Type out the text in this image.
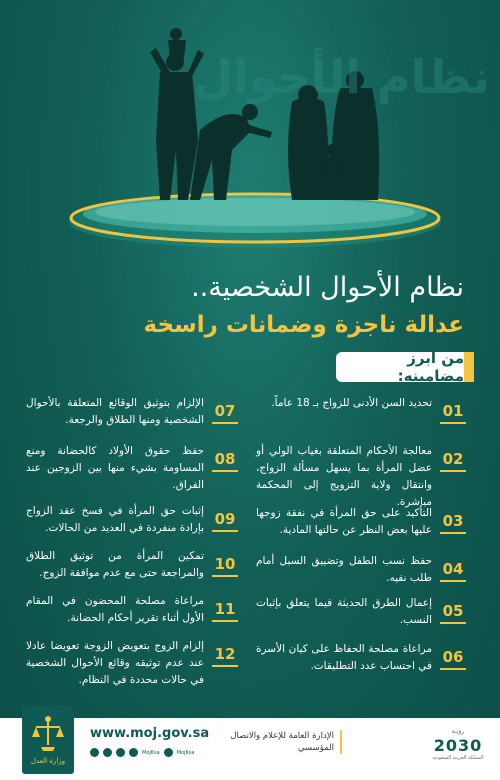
نظام الأحوال
نظام الأحوال الشخصية..
عدالة ناجزة وضمانات راسخة
من أبرز مضامينه:
01
تحديد السن الأدنى للزواج بـ 18 عاماً.
02
معالجة الأحكام المتعلقة بغياب الولي أو عضل المرأة بما يسهل مسألة الزواج، وانتقال ولاية التزويج إلى المحكمة مباشرة.
03
التأكيد على حق المرأة في نفقة زوجها عليها بعض النظر عن حالتها المادية.
04
حفظ نسب الطفل وتضييق السبل أمام طلب نفيه.
05
إعمال الطرق الحديثة فيما يتعلق بإثبات النسب.
06
مراعاة مصلحة الحفاظ على كيان الأسرة في احتساب عدد التطليقات.
07
الإلزام بتوثيق الوقائع المتعلقة بالأحوال الشخصية ومنها الطلاق والرجعة.
08
حفظ حقوق الأولاد كالحضانة ومنع المساومة بشيء منها بين الزوجين عند الفراق.
09
إثبات حق المرأة في فسخ عقد الزواج بإرادة منفردة في العديد من الحالات.
10
تمكين المرأة من توثيق الطلاق والمراجعة حتى مع عدم موافقة الزوج.
11
مراعاة مصلحة المحضون في المقام الأول أثناء تقرير أحكام الحضانة.
12
إلزام الزوج بتعويض الزوجة تعويضا عادلا عند عدم توثيقه وقائع الأحوال الشخصية في حالات محددة في النظام.
وزارة العدل
www.moj.gov.sa
MojKsa	MojKsa
الإدارة العامة للإعلام والاتصال المؤسسي
رؤيـة
2030
المملكة العربية السعودية
